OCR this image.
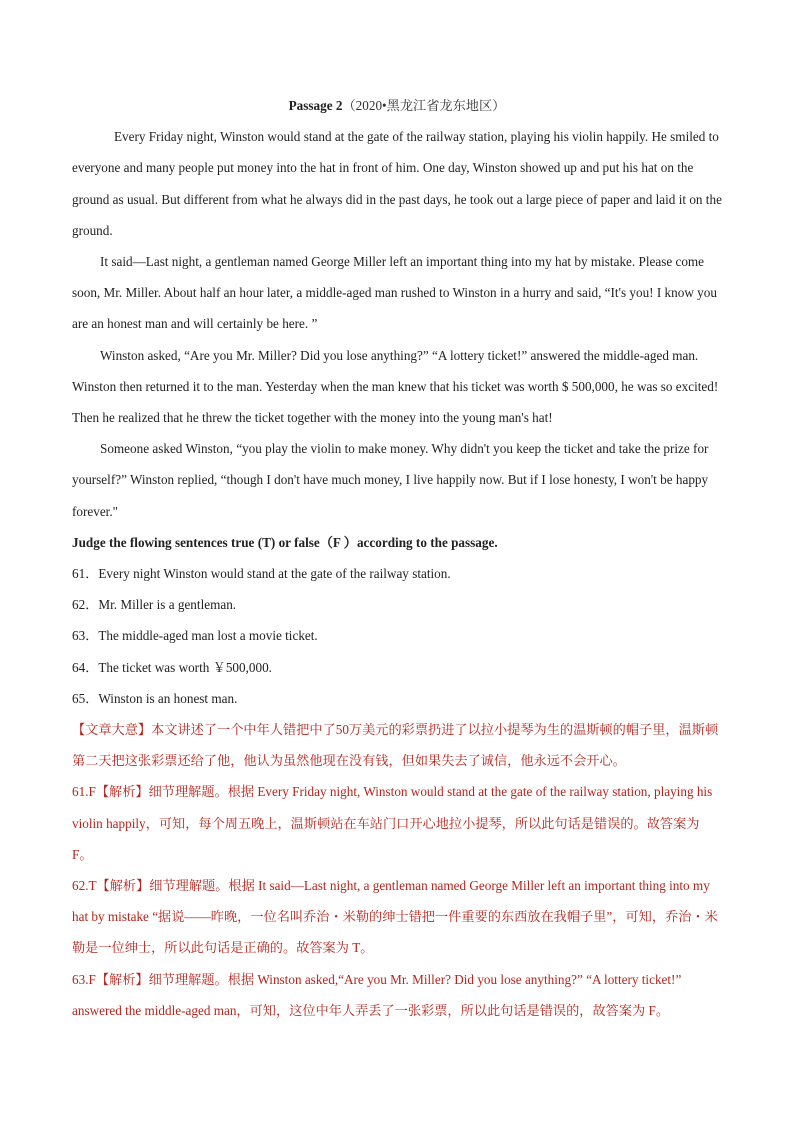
Passage 2（2020•黑龙江省龙东地区）

Every Friday night, Winston would stand at the gate of the railway station, playing his violin happily. He smiled to everyone and many people put money into the hat in front of him. One day, Winston showed up and put his hat on the ground as usual. But different from what he always did in the past days, he took out a large piece of paper and laid it on the ground.

It said—Last night, a gentleman named George Miller left an important thing into my hat by mistake. Please come soon, Mr. Miller. About half an hour later, a middle-aged man rushed to Winston in a hurry and said, “It's you! I know you are an honest man and will certainly be here. ”

Winston asked, “Are you Mr. Miller? Did you lose anything?” “A lottery ticket!” answered the middle-aged man. Winston then returned it to the man. Yesterday when the man knew that his ticket was worth $ 500,000, he was so excited! Then he realized that he threw the ticket together with the money into the young man's hat!

Someone asked Winston, “you play the violin to make money. Why didn't you keep the ticket and take the prize for yourself?” Winston replied, “though I don't have much money, I live happily now. But if I lose honesty, I won't be happy forever."

Judge the flowing sentences true (T) or false（F ）according to the passage.

61．Every night Winston would stand at the gate of the railway station.
62．Mr. Miller is a gentleman.
63．The middle-aged man lost a movie ticket.
64．The ticket was worth ￥500,000.
65．Winston is an honest man.

【文章大意】本文讲述了一个中年人错把中了50万美元的彩票扔进了以拉小提琴为生的温斯顿的帽子里，温斯顿第二天把这张彩票还给了他，他认为虽然他现在没有钱，但如果失去了诚信，他永远不会开心。

61.F【解析】细节理解题。根据 Every Friday night, Winston would stand at the gate of the railway station, playing his violin happily，可知，每个周五晚上，温斯顿站在车站门口开心地拉小提琴，所以此句话是错误的。故答案为 F。

62.T【解析】细节理解题。根据 It said—Last night, a gentleman named George Miller left an important thing into my hat by mistake “据说——昨晚，一位名叫乔治・米勒的绅士错把一件重要的东西放在我帽子里”，可知，乔治・米勒是一位绅士，所以此句话是正确的。故答案为 T。

63.F【解析】细节理解题。根据 Winston asked,“Are you Mr. Miller? Did you lose anything?” “A lottery ticket!” answered the middle-aged man，可知，这位中年人弄丢了一张彩票，所以此句话是错误的，故答案为 F。
